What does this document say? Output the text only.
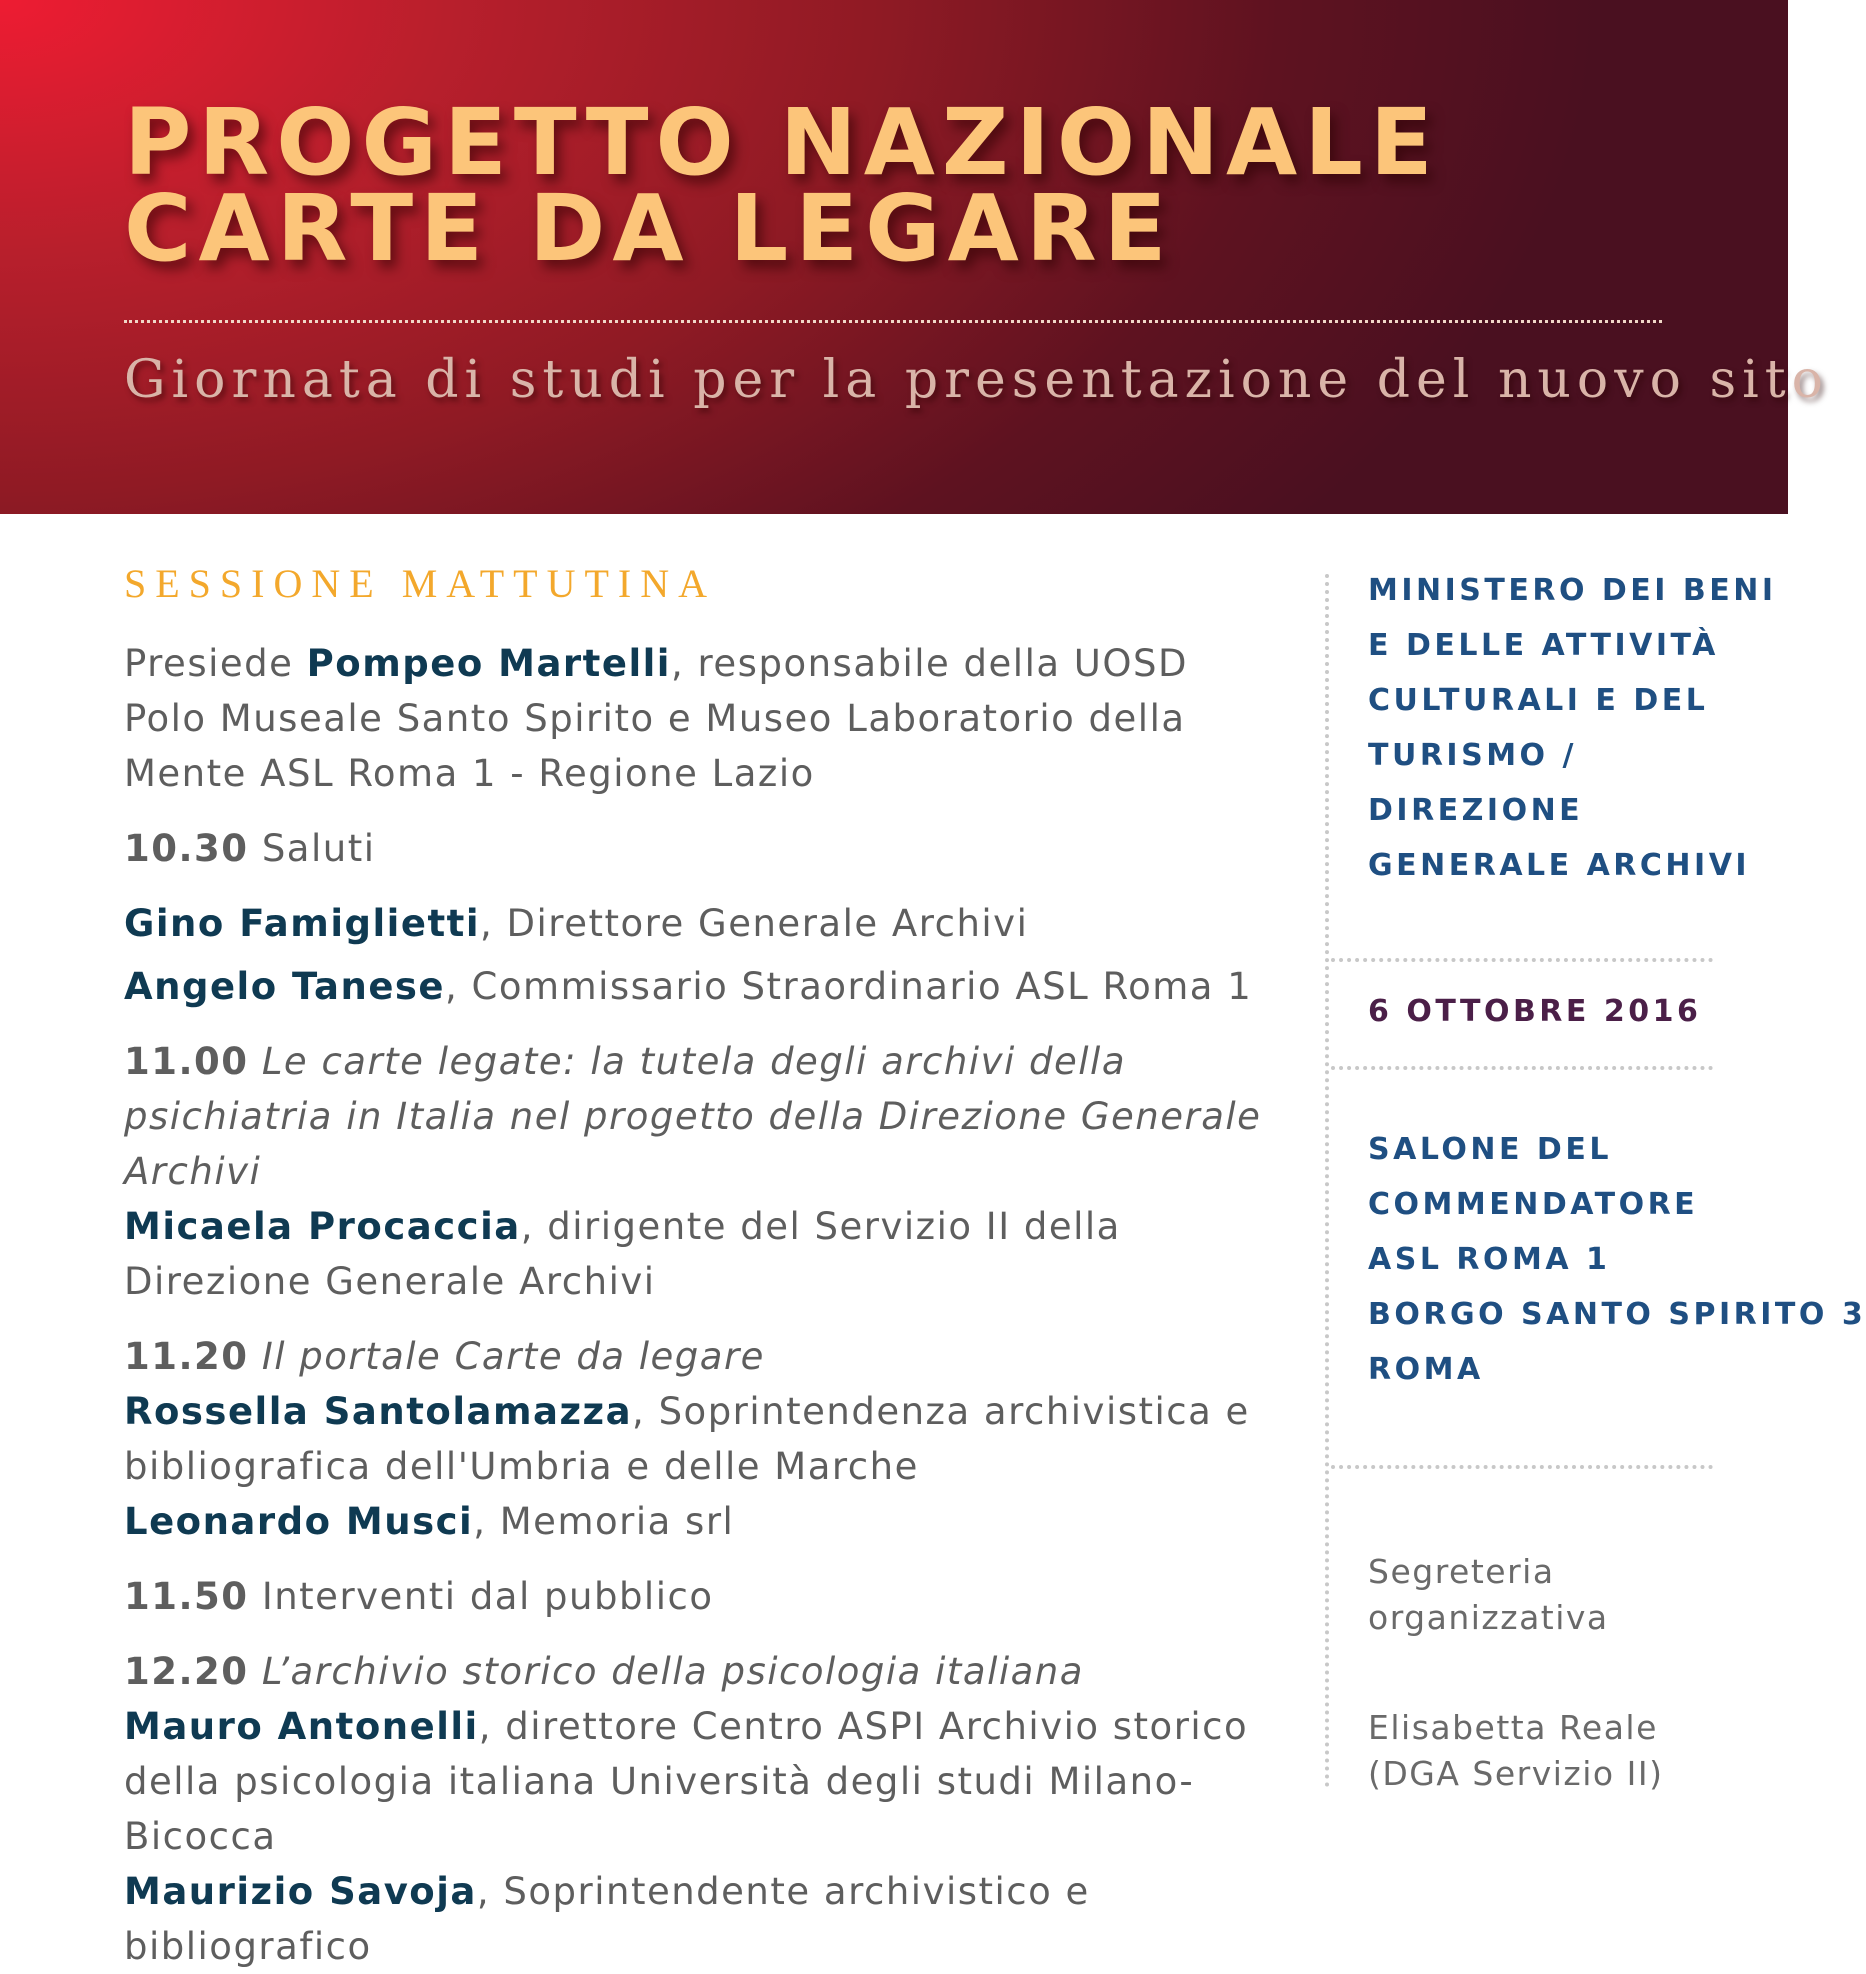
PROGETTO NAZIONALE
CARTE DA LEGARE
Giornata di studi per la presentazione del nuovo sito
SESSIONE MATTUTINA

Presiede Pompeo Martelli, responsabile della UOSD Polo Museale Santo Spirito e Museo Laboratorio della Mente ASL Roma 1 - Regione Lazio

10.30 Saluti

Gino Famiglietti, Direttore Generale Archivi

Angelo Tanese, Commissario Straordinario ASL Roma 1

11.00 Le carte legate: la tutela degli archivi della psichiatria in Italia nel progetto della Direzione Generale Archivi

Micaela Procaccia, dirigente del Servizio II della Direzione Generale Archivi

11.20 Il portale Carte da legare

Rossella Santolamazza, Soprintendenza archivistica e bibliografica dell'Umbria e delle Marche

Leonardo Musci, Memoria srl

11.50 Interventi dal pubblico

12.20 L’archivio storico della psicologia italiana

Mauro Antonelli, direttore Centro ASPI Archivio storico della psicologia italiana Università degli studi Milano-Bicocca

Maurizio Savoja, Soprintendente archivistico e bibliografico

MINISTERO DEI BENI
E DELLE ATTIVITÀ
CULTURALI E DEL
TURISMO /
DIREZIONE
GENERALE ARCHIVI
6 OTTOBRE 2016
SALONE DEL
COMMENDATORE
ASL ROMA 1
BORGO SANTO SPIRITO 3
ROMA
Segreteria
organizzativa
Elisabetta Reale
(DGA Servizio II)
